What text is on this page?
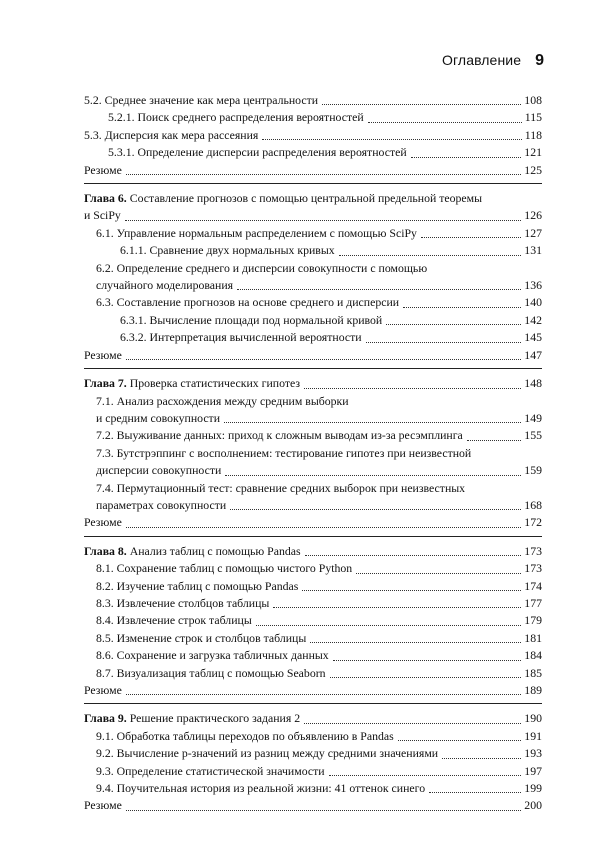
Оглавление 9
5.2. Среднее значение как мера центральности	108
5.2.1. Поиск среднего распределения вероятностей	115
5.3. Дисперсия как мера рассеяния	118
5.3.1. Определение дисперсии распределения вероятностей	121
Резюме	125
Глава 6. Составление прогнозов с помощью центральной предельной теоремы
и SciPy	126
6.1. Управление нормальным распределением с помощью SciPy	127
6.1.1. Сравнение двух нормальных кривых	131
6.2. Определение среднего и дисперсии совокупности с помощью
случайного моделирования	136
6.3. Составление прогнозов на основе среднего и дисперсии	140
6.3.1. Вычисление площади под нормальной кривой	142
6.3.2. Интерпретация вычисленной вероятности	145
Резюме	147
Глава 7. Проверка статистических гипотез	148
7.1. Анализ расхождения между средним выборки
и средним совокупности	149
7.2. Выуживание данных: приход к сложным выводам из-за ресэмплинга	155
7.3. Бутстрэппинг с восполнением: тестирование гипотез при неизвестной
дисперсии совокупности	159
7.4. Пермутационный тест: сравнение средних выборок при неизвестных
параметрах совокупности	168
Резюме	172
Глава 8. Анализ таблиц с помощью Pandas	173
8.1. Сохранение таблиц с помощью чистого Python	173
8.2. Изучение таблиц с помощью Pandas	174
8.3. Извлечение столбцов таблицы	177
8.4. Извлечение строк таблицы	179
8.5. Изменение строк и столбцов таблицы	181
8.6. Сохранение и загрузка табличных данных	184
8.7. Визуализация таблиц с помощью Seaborn	185
Резюме	189
Глава 9. Решение практического задания 2	190
9.1. Обработка таблицы переходов по объявлению в Pandas	191
9.2. Вычисление p-значений из разниц между средними значениями	193
9.3. Определение статистической значимости	197
9.4. Поучительная история из реальной жизни: 41 оттенок синего	199
Резюме	200
